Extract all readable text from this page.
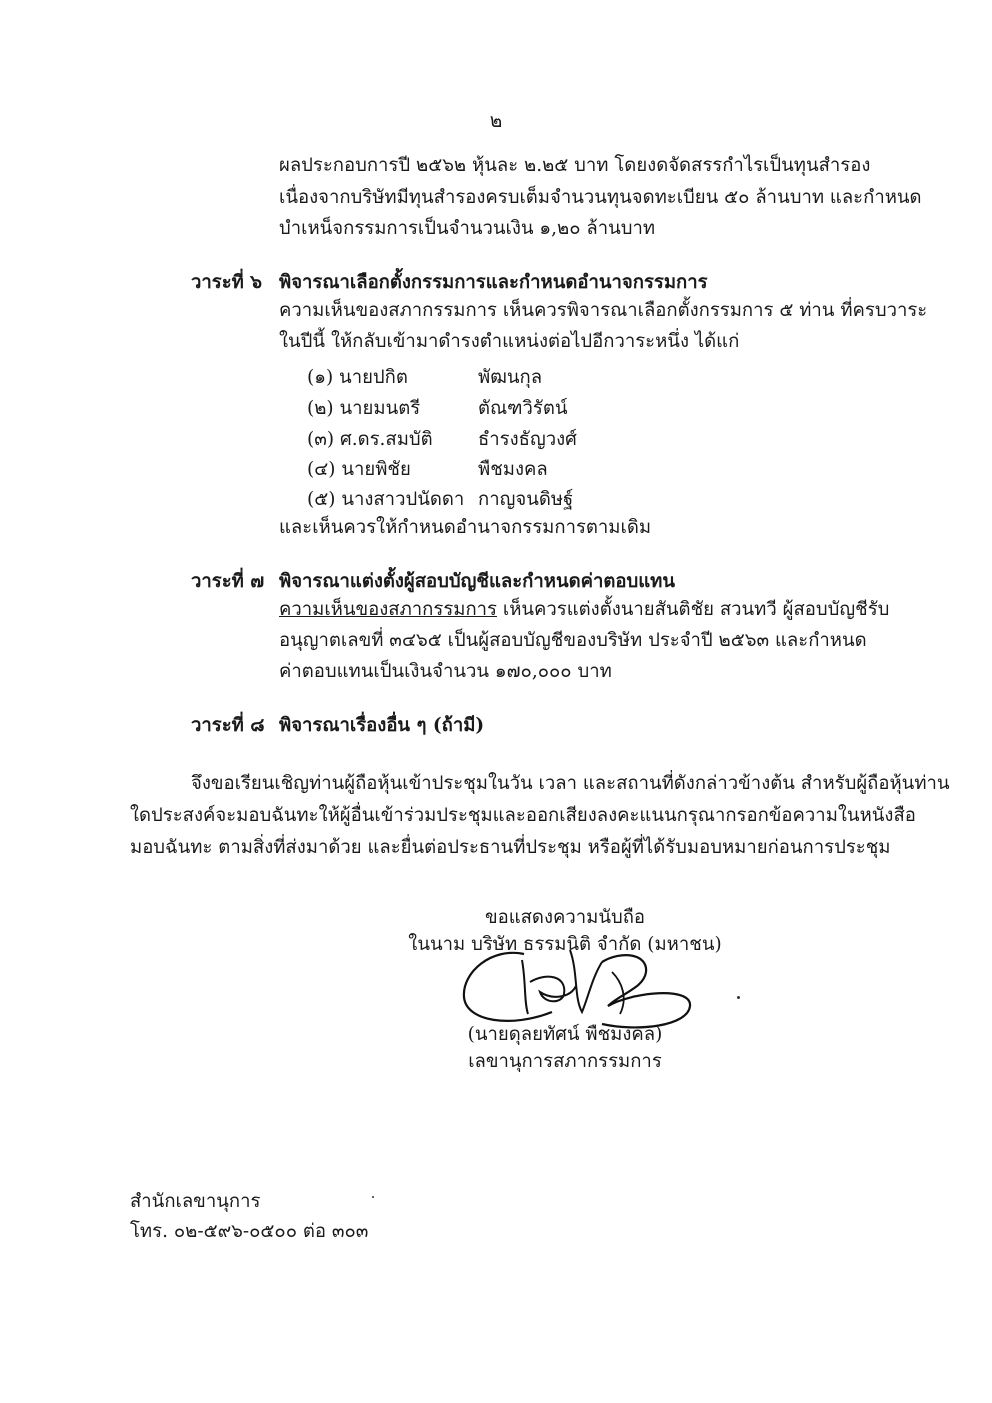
๒
ผลประกอบการปี ๒๕๖๒ หุ้นละ ๒.๒๕ บาท โดยงดจัดสรรกำไรเป็นทุนสำรอง
เนื่องจากบริษัทมีทุนสำรองครบเต็มจำนวนทุนจดทะเบียน ๕๐ ล้านบาท และกำหนด
บำเหน็จกรรมการเป็นจำนวนเงิน ๑,๒๐ ล้านบาท
วาระที่ ๖ พิจารณาเลือกตั้งกรรมการและกำหนดอำนาจกรรมการ
ความเห็นของสภากรรมการ เห็นควรพิจารณาเลือกตั้งกรรมการ ๕ ท่าน ที่ครบวาระ
ในปีนี้ ให้กลับเข้ามาดำรงตำแหน่งต่อไปอีกวาระหนึ่ง ได้แก่
(๑) นายปกิต	พัฒนกุล
(๒) นายมนตรี	ตัณฑวิรัตน์
(๓) ศ.ดร.สมบัติ ธำรงธัญวงศ์
(๔) นายพิชัย	พืชมงคล
(๕) นางสาวปนัดดา กาญจนดิษฐ์
และเห็นควรให้กำหนดอำนาจกรรมการตามเดิม
วาระที่ ๗ พิจารณาแต่งตั้งผู้สอบบัญชีและกำหนดค่าตอบแทน
ความเห็นของสภากรรมการ เห็นควรแต่งตั้งนายสันติชัย สวนทวี ผู้สอบบัญชีรับ
อนุญาตเลขที่ ๓๔๖๕ เป็นผู้สอบบัญชีของบริษัท ประจำปี ๒๕๖๓ และกำหนด
ค่าตอบแทนเป็นเงินจำนวน ๑๗๐,๐๐๐ บาท
วาระที่ ๘ พิจารณาเรื่องอื่น ๆ (ถ้ามี)
จึงขอเรียนเชิญท่านผู้ถือหุ้นเข้าประชุมในวัน เวลา และสถานที่ดังกล่าวข้างต้น สำหรับผู้ถือหุ้นท่าน
ใดประสงค์จะมอบฉันทะให้ผู้อื่นเข้าร่วมประชุมและออกเสียงลงคะแนนกรุณากรอกข้อความในหนังสือ
มอบฉันทะ ตามสิ่งที่ส่งมาด้วย และยื่นต่อประธานที่ประชุม หรือผู้ที่ได้รับมอบหมายก่อนการประชุม
ขอแสดงความนับถือ
ในนาม บริษัท ธรรมนิติ จำกัด (มหาชน)
(นายดุลยทัศน์ พืชมงคล)
เลขานุการสภากรรมการ
สำนักเลขานุการ
โทร. ๐๒-๕๙๖-๐๕๐๐ ต่อ ๓๐๓
